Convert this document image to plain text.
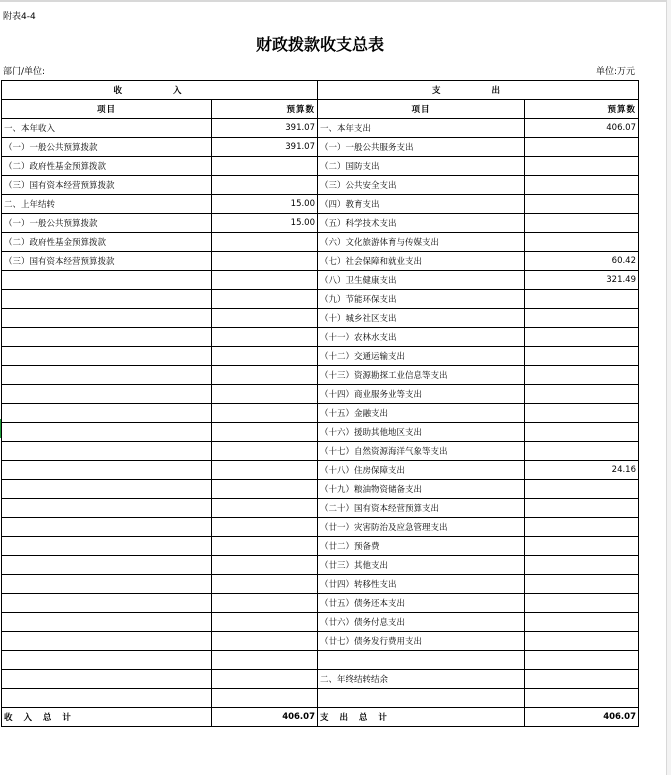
附表4-4
财政拨款收支总表
部门/单位:	单位:万元
收 入		支 出	
项目	预算数	项目	预算数
一、本年收入	391.07	一、本年支出	406.07
（一）一般公共预算拨款	391.07	（一）一般公共服务支出	
（二）政府性基金预算拨款		（二）国防支出	
（三）国有资本经营预算拨款		（三）公共安全支出	
二、上年结转	15.00	（四）教育支出	
（一）一般公共预算拨款	15.00	（五）科学技术支出	
（二）政府性基金预算拨款		（六）文化旅游体育与传媒支出	
（三）国有资本经营预算拨款		（七）社会保障和就业支出	60.42
		（八）卫生健康支出	321.49
		（九）节能环保支出	
		（十）城乡社区支出	
		（十一）农林水支出	
		（十二）交通运输支出	
		（十三）资源勘探工业信息等支出	
		（十四）商业服务业等支出	
		（十五）金融支出	
		（十六）援助其他地区支出	
		（十七）自然资源海洋气象等支出	
		（十八）住房保障支出	24.16
		（十九）粮油物资储备支出	
		（二十）国有资本经营预算支出	
		（廿一）灾害防治及应急管理支出	
		（廿二）预备费	
		（廿三）其他支出	
		（廿四）转移性支出	
		（廿五）债务还本支出	
		（廿六）债务付息支出	
		（廿七）债务发行费用支出	

		二、年终结转结余	

收 入 总 计	406.07	支 出 总 计	406.07
